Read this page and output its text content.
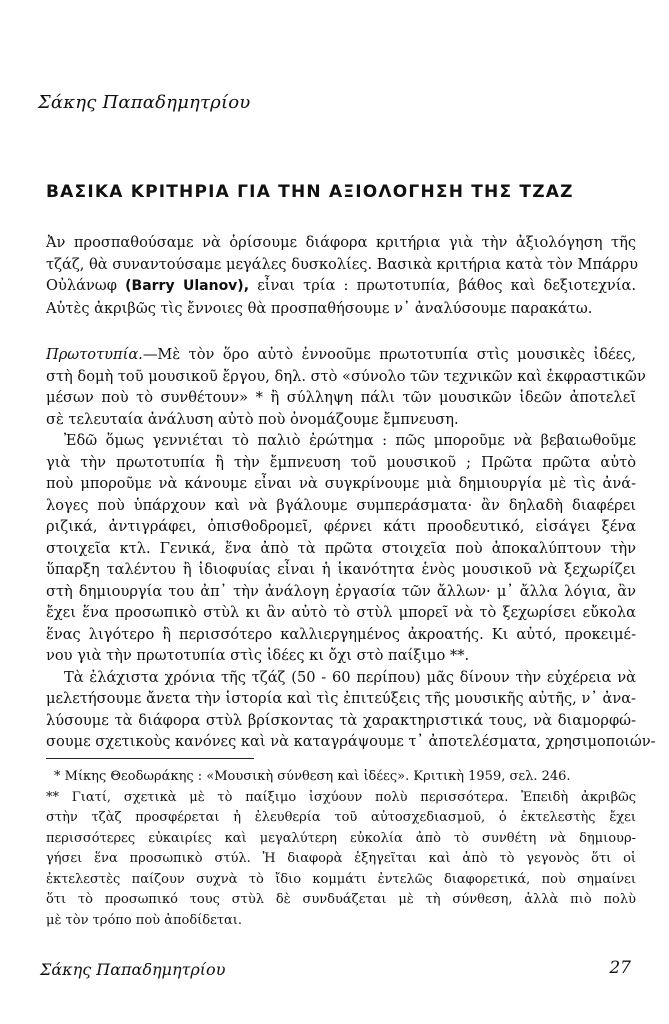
Σάκης Παπαδημητρίου
ΒΑΣΙΚΑ ΚΡΙΤΗΡΙΑ ΓΙΑ ΤΗΝ ΑΞΙΟΛΟΓΗΣΗ ΤΗΣ ΤΖΑΖ
Ἀν προσπαθούσαμε νὰ ὁρίσουμε διάφορα κριτήρια γιὰ τὴν ἀξιολόγηση τῆς
τζάζ, θὰ συναντούσαμε μεγάλες δυσκολίες. Βασικὰ κριτήρια κατὰ τὸν Μπάρρυ
Οὐλάνωφ (Barry Ulanov), εἶναι τρία : πρωτοτυπία, βάθος καὶ δεξιοτεχνία.
Αὐτὲς ἀκριβῶς τὶς ἔννοιες θὰ προσπαθήσουμε ν᾽ ἀναλύσουμε παρακάτω.
Πρωτοτυπία.—Μὲ τὸν ὅρο αὐτὸ ἐννοοῦμε πρωτοτυπία στὶς μουσικὲς ἰδέες,
στὴ δομὴ τοῦ μουσικοῦ ἔργου, δηλ. στὸ «σύνολο τῶν τεχνικῶν καὶ ἐκφραστικῶν
μέσων ποὺ τὸ συνθέτουν» * ἢ σύλληψη πάλι τῶν μουσικῶν ἰδεῶν ἀποτελεῖ
σὲ τελευταία ἀνάλυση αὐτὸ ποὺ ὀνομάζουμε ἔμπνευση.
Ἐδῶ ὅμως γεννιέται τὸ παλιὸ ἐρώτημα : πῶς μποροῦμε νὰ βεβαιωθοῦμε
γιὰ τὴν πρωτοτυπία ἢ τὴν ἔμπνευση τοῦ μουσικοῦ ; Πρῶτα πρῶτα αὐτὸ
ποὺ μποροῦμε νὰ κάνουμε εἶναι νὰ συγκρίνουμε μιὰ δημιουργία μὲ τὶς ἀνά-
λογες ποὺ ὑπάρχουν καὶ νὰ βγάλουμε συμπεράσματα· ἂν δηλαδὴ διαφέρει
ριζικά, ἀντιγράφει, ὀπισθοδρομεῖ, φέρνει κάτι προοδευτικό, εἰσάγει ξένα
στοιχεῖα κτλ. Γενικά, ἕνα ἀπὸ τὰ πρῶτα στοιχεῖα ποὺ ἀποκαλύπτουν τὴν
ὕπαρξη ταλέντου ἢ ἰδιοφυίας εἶναι ἡ ἱκανότητα ἑνὸς μουσικοῦ νὰ ξεχωρίζει
στὴ δημιουργία του ἀπ᾽ τὴν ἀνάλογη ἐργασία τῶν ἄλλων· μ᾽ ἄλλα λόγια, ἂν
ἔχει ἕνα προσωπικὸ στὺλ κι ἂν αὐτὸ τὸ στὺλ μπορεῖ νὰ τὸ ξεχωρίσει εὔκολα
ἕνας λιγότερο ἢ περισσότερο καλλιεργημένος ἀκροατής. Κι αὐτό, προκειμέ-
νου γιὰ τὴν πρωτοτυπία στὶς ἰδέες κι ὄχι στὸ παίξιμο **.
Τὰ ἐλάχιστα χρόνια τῆς τζάζ (50 - 60 περίπου) μᾶς δίνουν τὴν εὐχέρεια νὰ
μελετήσουμε ἄνετα τὴν ἱστορία καὶ τὶς ἐπιτεύξεις τῆς μουσικῆς αὐτῆς, ν᾽ ἀνα-
λύσουμε τὰ διάφορα στὺλ βρίσκοντας τὰ χαρακτηριστικά τους, νὰ διαμορφώ-
σουμε σχετικοὺς κανόνες καὶ νὰ καταγράψουμε τ᾽ ἀποτελέσματα, χρησιμοποιών-
* Μίκης Θεοδωράκης : «Μουσικὴ σύνθεση καὶ ἰδέες». Κριτικὴ 1959, σελ. 246.
** Γιατί, σχετικὰ μὲ τὸ παίξιμο ἰσχύουν πολὺ περισσότερα. Ἐπειδὴ ἀκριβῶς
στὴν τζὰζ προσφέρεται ἡ ἐλευθερία τοῦ αὐτοσχεδιασμοῦ, ὁ ἐκτελεστὴς ἔχει
περισσότερες εὐκαιρίες καὶ μεγαλύτερη εὐκολία ἀπὸ τὸ συνθέτη νὰ δημιουρ-
γήσει ἕνα προσωπικὸ στύλ. Ἡ διαφορὰ ἐξηγεῖται καὶ ἀπὸ τὸ γεγονὸς ὅτι οἱ
ἐκτελεστὲς παίζουν συχνὰ τὸ ἴδιο κομμάτι ἐντελῶς διαφορετικά, ποὺ σημαίνει
ὅτι τὸ προσωπικό τους στὺλ δὲ συνδυάζεται μὲ τὴ σύνθεση, ἀλλὰ πιὸ πολὺ
μὲ τὸν τρόπο ποὺ ἀποδίδεται.
Σάκης Παπαδημητρίου	27
